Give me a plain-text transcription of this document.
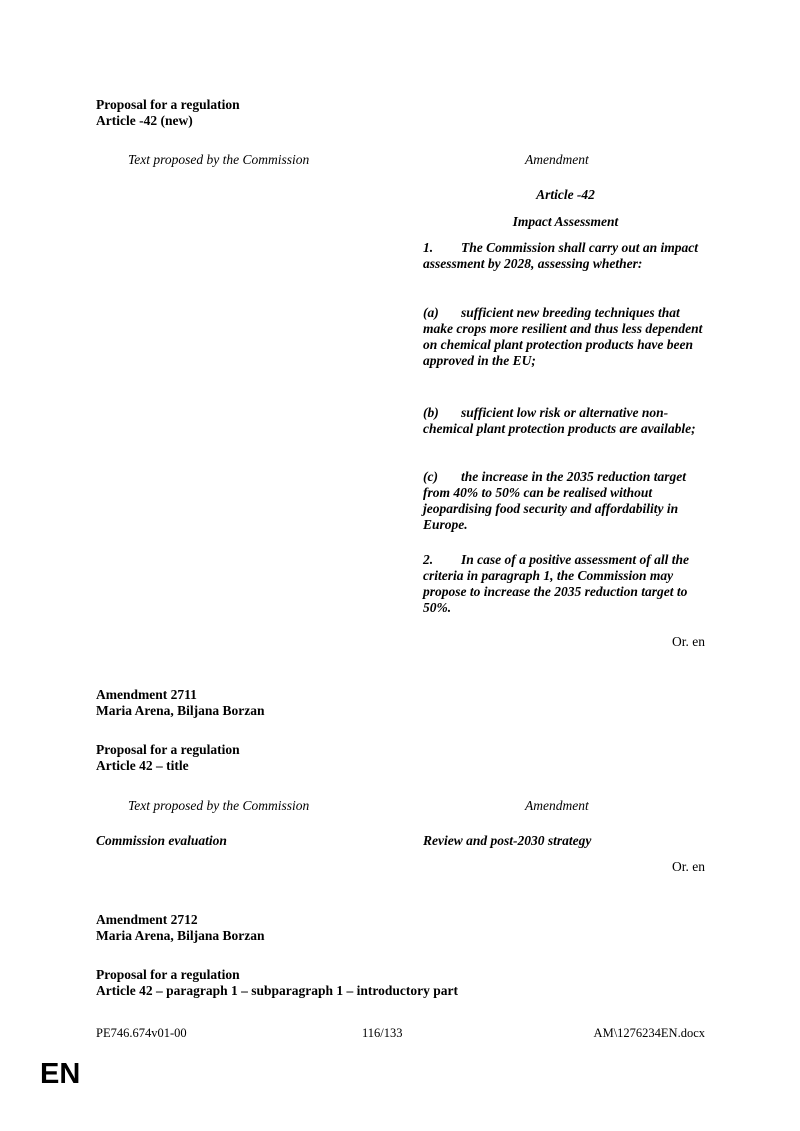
Proposal for a regulation
Article -42 (new)
Text proposed by the Commission	Amendment
Article -42
Impact Assessment

1. The Commission shall carry out an impact assessment by 2028, assessing whether:

(a) sufficient new breeding techniques that make crops more resilient and thus less dependent on chemical plant protection products have been approved in the EU;

(b) sufficient low risk or alternative non-chemical plant protection products are available;

(c) the increase in the 2035 reduction target from 40% to 50% can be realised without jeopardising food security and affordability in Europe.

2. In case of a positive assessment of all the criteria in paragraph 1, the Commission may propose to increase the 2035 reduction target to 50%.

Or. en
Amendment 2711
Maria Arena, Biljana Borzan
Proposal for a regulation
Article 42 – title
Text proposed by the Commission	Amendment
Commission evaluation	Review and post-2030 strategy
Or. en
Amendment 2712
Maria Arena, Biljana Borzan
Proposal for a regulation
Article 42 – paragraph 1 – subparagraph 1 – introductory part
PE746.674v01-00	116/133	AM\1276234EN.docx
EN
